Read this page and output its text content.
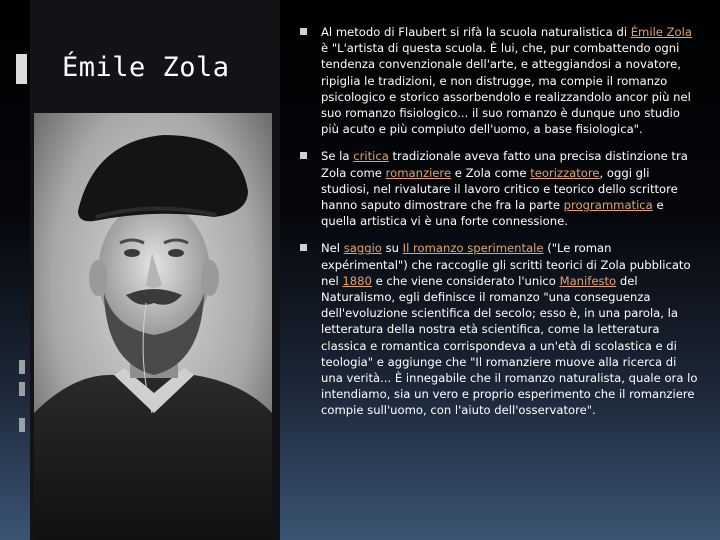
Émile Zola
Al metodo di Flaubert si rifà la scuola naturalistica di Émile Zola è "L'artista di questa scuola. È lui, che, pur combattendo ogni tendenza convenzionale dell'arte, e atteggiandosi a novatore, ripiglia le tradizioni, e non distrugge, ma compie il romanzo psicologico e storico assorbendolo e realizzandolo ancor più nel suo romanzo fisiologico... il suo romanzo è dunque uno studio più acuto e più compiuto dell'uomo, a base fisiologica".
Se la critica tradizionale aveva fatto una precisa distinzione tra Zola come romanziere e Zola come teorizzatore, oggi gli studiosi, nel rivalutare il lavoro critico e teorico dello scrittore hanno saputo dimostrare che fra la parte programmatica e quella artistica vi è una forte connessione.
Nel saggio su Il romanzo sperimentale ("Le roman expérimental") che raccoglie gli scritti teorici di Zola pubblicato nel 1880 e che viene considerato l'unico Manifesto del Naturalismo, egli definisce il romanzo "una conseguenza dell'evoluzione scientifica del secolo; esso è, in una parola, la letteratura della nostra età scientifica, come la letteratura classica e romantica corrispondeva a un'età di scolastica e di teologia" e aggiunge che "Il romanziere muove alla ricerca di una verità... È innegabile che il romanzo naturalista, quale ora lo intendiamo, sia un vero e proprio esperimento che il romanziere compie sull'uomo, con l'aiuto dell'osservatore".
